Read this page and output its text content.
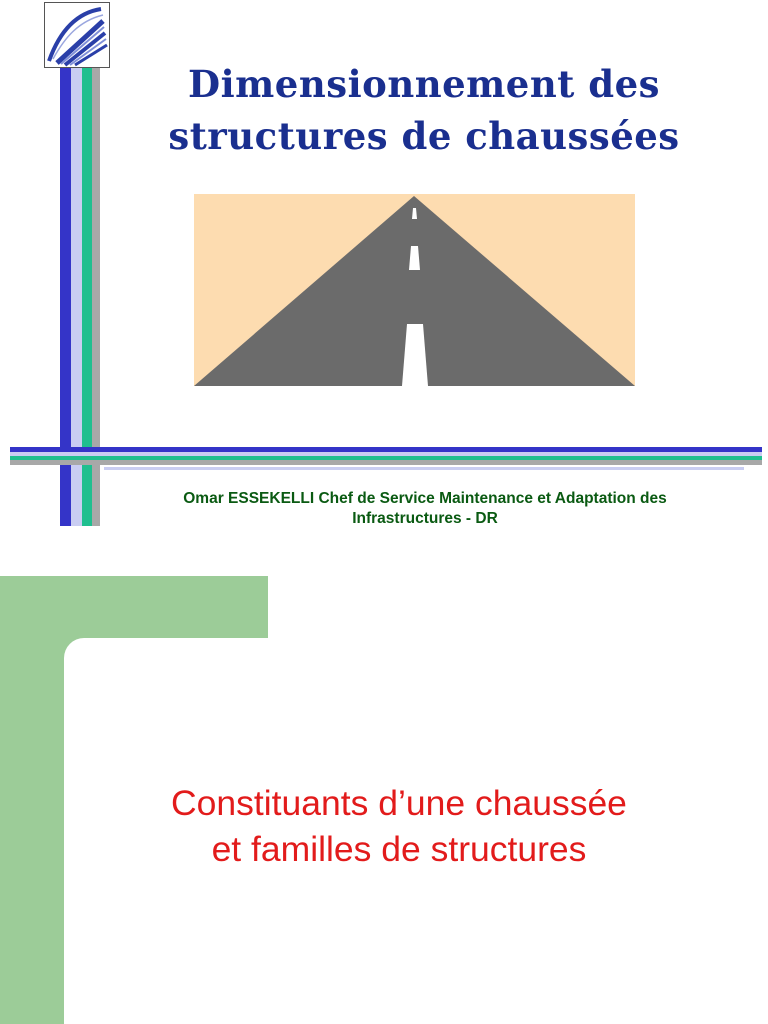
Dimensionnement des
structures de chaussées
Omar ESSEKELLI Chef de Service Maintenance et Adaptation des
Infrastructures - DR
Constituants d’une chaussée
et familles de structures
